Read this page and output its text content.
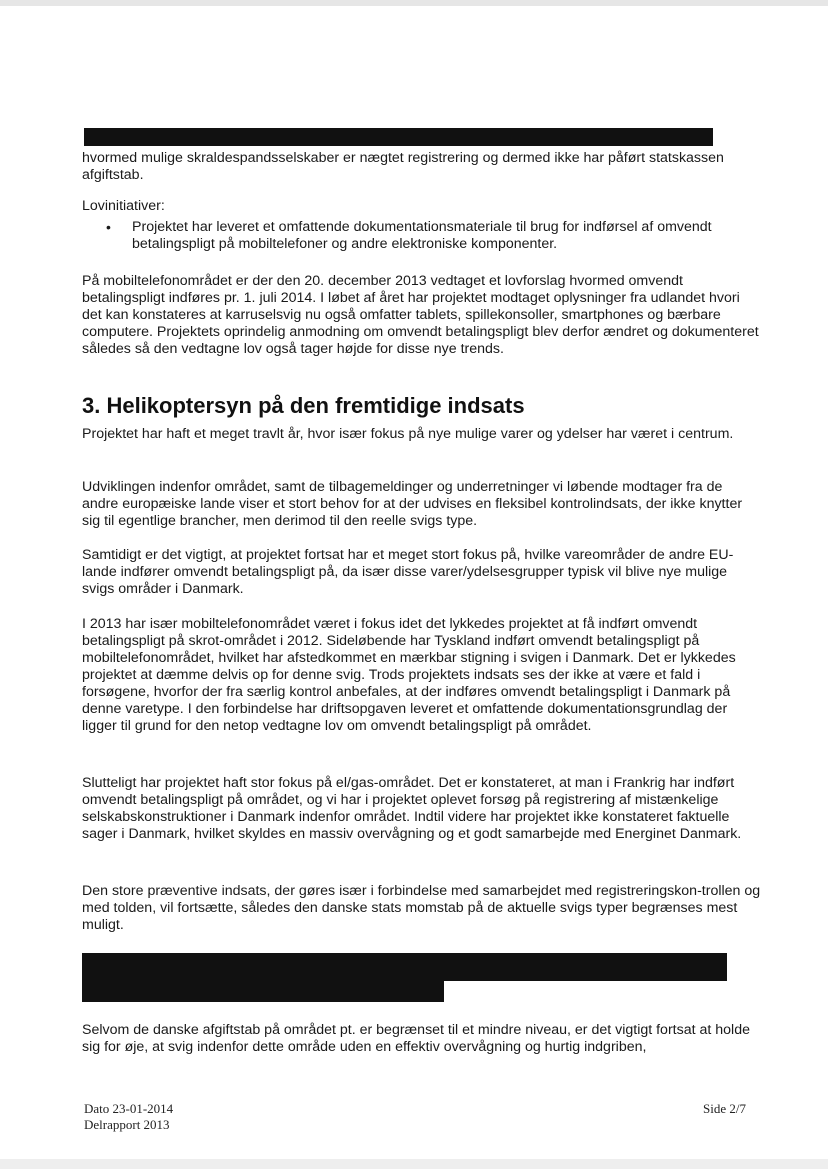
hvormed mulige skraldespandsselskaber er nægtet registrering og dermed ikke har påført statskassen afgiftstab.

Lovinitiativer:

• Projektet har leveret et omfattende dokumentationsmateriale til brug for indførsel af omvendt betalingspligt på mobiltelefoner og andre elektroniske komponenter.

På mobiltelefonområdet er der den 20. december 2013 vedtaget et lovforslag hvormed omvendt betalingspligt indføres pr. 1. juli 2014. I løbet af året har projektet modtaget oplysninger fra udlandet hvori det kan konstateres at karruselsvig nu også omfatter tablets, spillekonsoller, smartphones og bærbare computere. Projektets oprindelig anmodning om omvendt betalingspligt blev derfor ændret og dokumenteret således så den vedtagne lov også tager højde for disse nye trends.

3. Helikoptersyn på den fremtidige indsats

Projektet har haft et meget travlt år, hvor især fokus på nye mulige varer og ydelser har været i centrum.

Udviklingen indenfor området, samt de tilbagemeldinger og underretninger vi løbende modtager fra de andre europæiske lande viser et stort behov for at der udvises en fleksibel kontrolindsats, der ikke knytter sig til egentlige brancher, men derimod til den reelle svigs type.

Samtidigt er det vigtigt, at projektet fortsat har et meget stort fokus på, hvilke vareområder de andre EU-lande indfører omvendt betalingspligt på, da især disse varer/ydelsesgrupper typisk vil blive nye mulige svigs områder i Danmark.

I 2013 har især mobiltelefonområdet været i fokus idet det lykkedes projektet at få indført omvendt betalingspligt på skrot-området i 2012. Sideløbende har Tyskland indført omvendt betalingspligt på mobiltelefonområdet, hvilket har afstedkommet en mærkbar stigning i svigen i Danmark. Det er lykkedes projektet at dæmme delvis op for denne svig. Trods projektets indsats ses der ikke at være et fald i forsøgene, hvorfor der fra særlig kontrol anbefales, at der indføres omvendt betalingspligt i Danmark på denne varetype. I den forbindelse har driftsopgaven leveret et omfattende dokumentationsgrundlag der ligger til grund for den netop vedtagne lov om omvendt betalingspligt på området.

Slutteligt har projektet haft stor fokus på el/gas-området. Det er konstateret, at man i Frankrig har indført omvendt betalingspligt på området, og vi har i projektet oplevet forsøg på registrering af mistænkelige selskabskonstruktioner i Danmark indenfor området. Indtil videre har projektet ikke konstateret faktuelle sager i Danmark, hvilket skyldes en massiv overvågning og et godt samarbejde med Energinet Danmark.

Den store præventive indsats, der gøres især i forbindelse med samarbejdet med registreringskon-trollen og med tolden, vil fortsætte, således den danske stats momstab på de aktuelle svigs typer begrænses mest muligt.

Selvom de danske afgiftstab på området pt. er begrænset til et mindre niveau, er det vigtigt fortsat at holde sig for øje, at svig indenfor dette område uden en effektiv overvågning og hurtig indgriben,

Dato 23-01-2014
Delrapport 2013
Side 2/7
